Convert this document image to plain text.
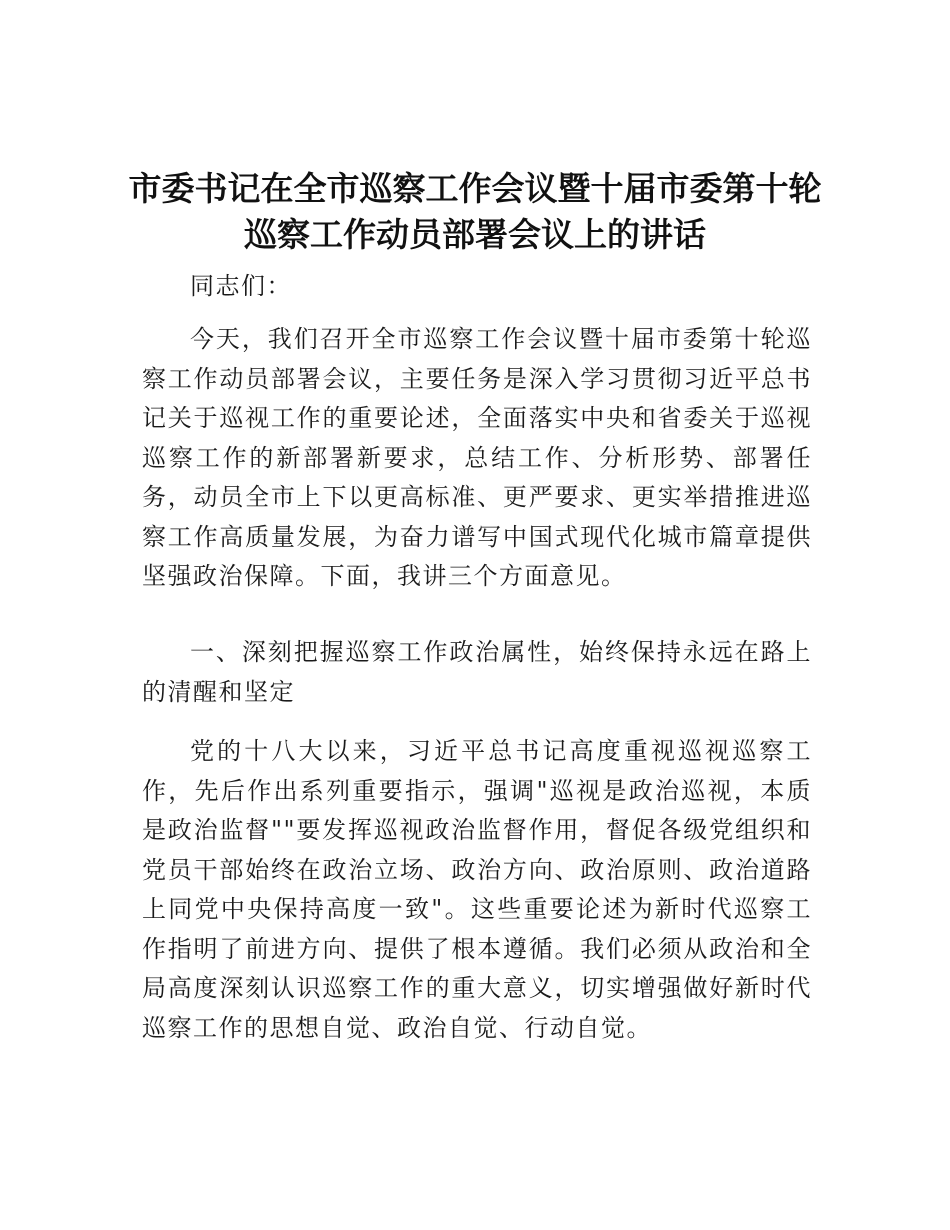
市委书记在全市巡察工作会议暨十届市委第十轮巡察工作动员部署会议上的讲话

同志们：

今天，我们召开全市巡察工作会议暨十届市委第十轮巡察工作动员部署会议，主要任务是深入学习贯彻习近平总书记关于巡视工作的重要论述，全面落实中央和省委关于巡视巡察工作的新部署新要求，总结工作、分析形势、部署任务，动员全市上下以更高标准、更严要求、更实举措推进巡察工作高质量发展，为奋力谱写中国式现代化城市篇章提供坚强政治保障。下面，我讲三个方面意见。

一、深刻把握巡察工作政治属性，始终保持永远在路上的清醒和坚定

党的十八大以来，习近平总书记高度重视巡视巡察工作，先后作出系列重要指示，强调"巡视是政治巡视，本质是政治监督""要发挥巡视政治监督作用，督促各级党组织和党员干部始终在政治立场、政治方向、政治原则、政治道路上同党中央保持高度一致"。这些重要论述为新时代巡察工作指明了前进方向、提供了根本遵循。我们必须从政治和全局高度深刻认识巡察工作的重大意义，切实增强做好新时代巡察工作的思想自觉、政治自觉、行动自觉。
